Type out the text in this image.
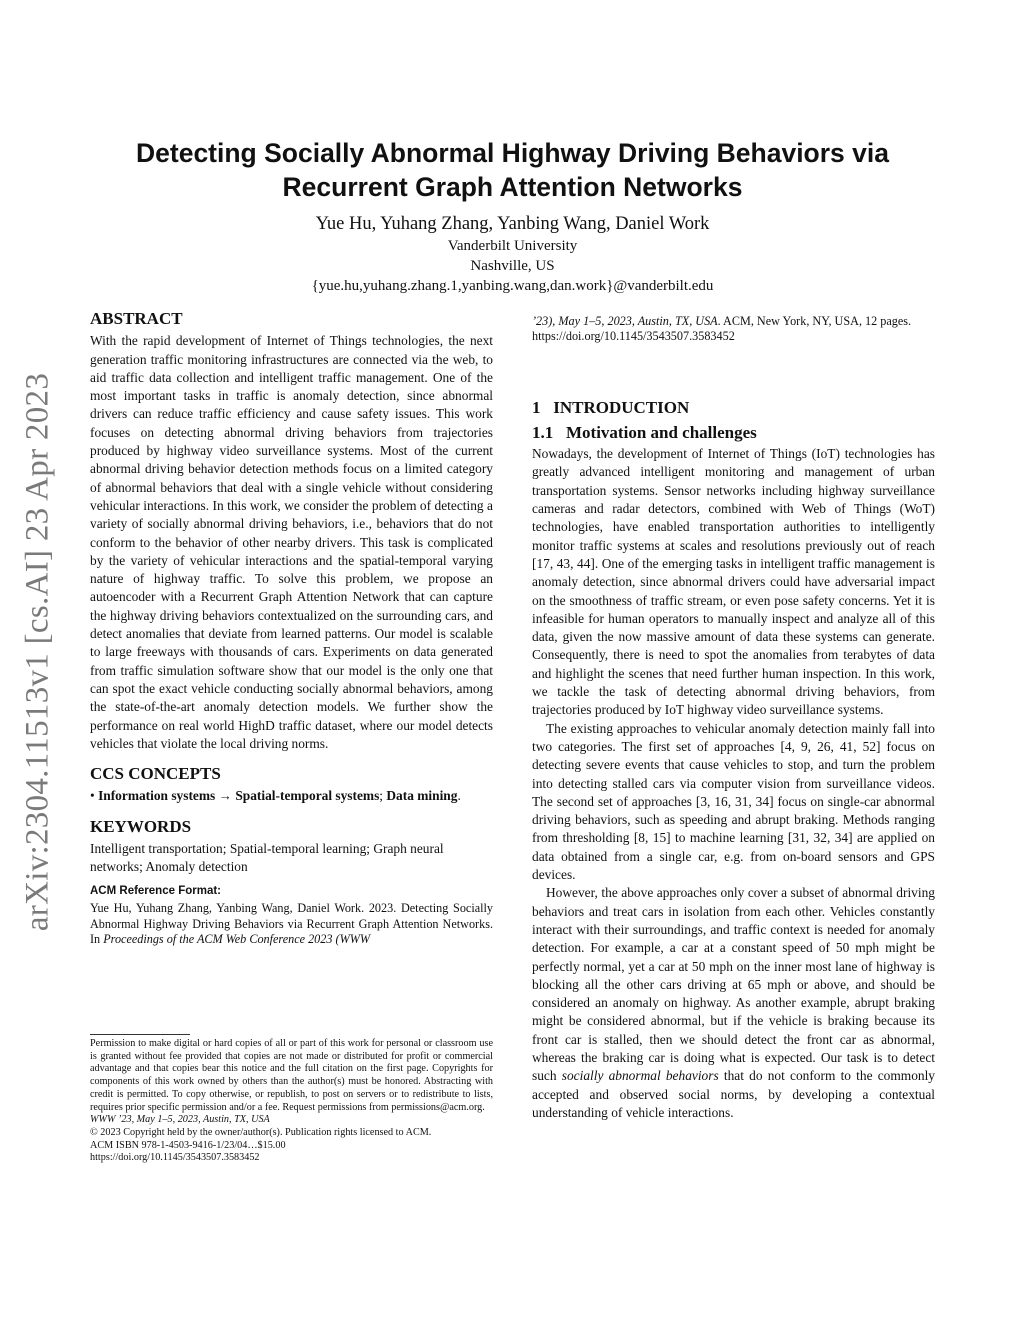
arXiv:2304.11513v1 [cs.AI] 23 Apr 2023
Detecting Socially Abnormal Highway Driving Behaviors via Recurrent Graph Attention Networks
Yue Hu, Yuhang Zhang, Yanbing Wang, Daniel Work
Vanderbilt University
Nashville, US
{yue.hu,yuhang.zhang.1,yanbing.wang,dan.work}@vanderbilt.edu
ABSTRACT

With the rapid development of Internet of Things technologies, the next generation traffic monitoring infrastructures are connected via the web, to aid traffic data collection and intelligent traffic management. One of the most important tasks in traffic is anomaly detection, since abnormal drivers can reduce traffic efficiency and cause safety issues. This work focuses on detecting abnormal driving behaviors from trajectories produced by highway video surveillance systems. Most of the current abnormal driving behavior detection methods focus on a limited category of abnormal behaviors that deal with a single vehicle without considering vehicular interactions. In this work, we consider the problem of detecting a variety of socially abnormal driving behaviors, i.e., behaviors that do not conform to the behavior of other nearby drivers. This task is complicated by the variety of vehicular interactions and the spatial-temporal varying nature of highway traffic. To solve this problem, we propose an autoencoder with a Recurrent Graph Attention Network that can capture the highway driving behaviors contextualized on the surrounding cars, and detect anomalies that deviate from learned patterns. Our model is scalable to large freeways with thousands of cars. Experiments on data generated from traffic simulation software show that our model is the only one that can spot the exact vehicle conducting socially abnormal behaviors, among the state-of-the-art anomaly detection models. We further show the performance on real world HighD traffic dataset, where our model detects vehicles that violate the local driving norms.

CCS CONCEPTS

• Information systems → Spatial-temporal systems; Data mining.

KEYWORDS

Intelligent transportation; Spatial-temporal learning; Graph neural networks; Anomaly detection

ACM Reference Format:

Yue Hu, Yuhang Zhang, Yanbing Wang, Daniel Work. 2023. Detecting Socially Abnormal Highway Driving Behaviors via Recurrent Graph Attention Networks. In Proceedings of the ACM Web Conference 2023 (WWW

Permission to make digital or hard copies of all or part of this work for personal or classroom use is granted without fee provided that copies are not made or distributed for profit or commercial advantage and that copies bear this notice and the full citation on the first page. Copyrights for components of this work owned by others than the author(s) must be honored. Abstracting with credit is permitted. To copy otherwise, or republish, to post on servers or to redistribute to lists, requires prior specific permission and/or a fee. Request permissions from permissions@acm.org.

WWW ’23, May 1–5, 2023, Austin, TX, USA

© 2023 Copyright held by the owner/author(s). Publication rights licensed to ACM.

ACM ISBN 978-1-4503-9416-1/23/04…$15.00

https://doi.org/10.1145/3543507.3583452

’23), May 1–5, 2023, Austin, TX, USA. ACM, New York, NY, USA, 12 pages.
https://doi.org/10.1145/3543507.3583452

1   INTRODUCTION
1.1   Motivation and challenges

Nowadays, the development of Internet of Things (IoT) technologies has greatly advanced intelligent monitoring and management of urban transportation systems. Sensor networks including highway surveillance cameras and radar detectors, combined with Web of Things (WoT) technologies, have enabled transportation authorities to intelligently monitor traffic systems at scales and resolutions previously out of reach [17, 43, 44]. One of the emerging tasks in intelligent traffic management is anomaly detection, since abnormal drivers could have adversarial impact on the smoothness of traffic stream, or even pose safety concerns. Yet it is infeasible for human operators to manually inspect and analyze all of this data, given the now massive amount of data these systems can generate. Consequently, there is need to spot the anomalies from terabytes of data and highlight the scenes that need further human inspection. In this work, we tackle the task of detecting abnormal driving behaviors, from trajectories produced by IoT highway video surveillance systems.

The existing approaches to vehicular anomaly detection mainly fall into two categories. The first set of approaches [4, 9, 26, 41, 52] focus on detecting severe events that cause vehicles to stop, and turn the problem into detecting stalled cars via computer vision from surveillance videos. The second set of approaches [3, 16, 31, 34] focus on single-car abnormal driving behaviors, such as speeding and abrupt braking. Methods ranging from thresholding [8, 15] to machine learning [31, 32, 34] are applied on data obtained from a single car, e.g. from on-board sensors and GPS devices.

However, the above approaches only cover a subset of abnormal driving behaviors and treat cars in isolation from each other. Vehicles constantly interact with their surroundings, and traffic context is needed for anomaly detection. For example, a car at a constant speed of 50 mph might be perfectly normal, yet a car at 50 mph on the inner most lane of highway is blocking all the other cars driving at 65 mph or above, and should be considered an anomaly on highway. As another example, abrupt braking might be considered abnormal, but if the vehicle is braking because its front car is stalled, then we should detect the front car as abnormal, whereas the braking car is doing what is expected. Our task is to detect such socially abnormal behaviors that do not conform to the commonly accepted and observed social norms, by developing a contextual understanding of vehicle interactions.
